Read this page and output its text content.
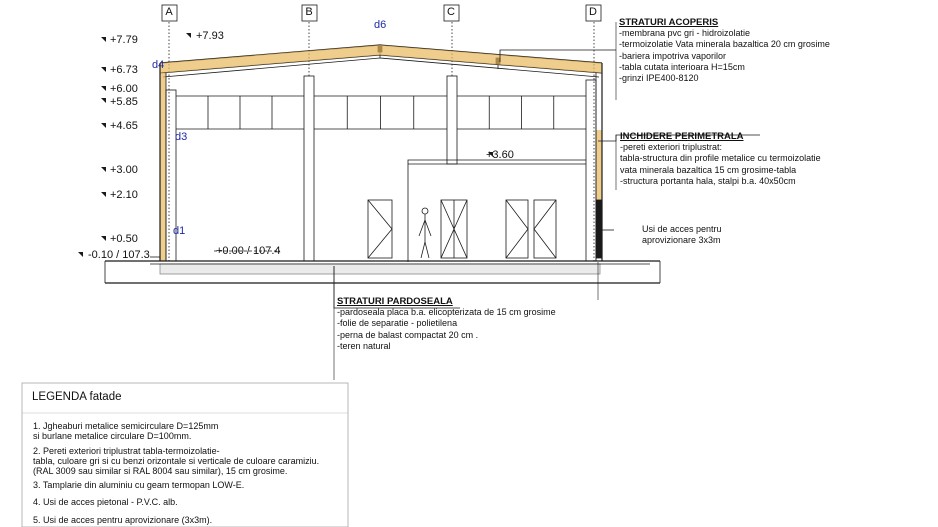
A	B	C	D
+7.79	+7.93
+6.73
+6.00
+5.85
+4.65
+3.00
+2.10
+0.50
-0.10 / 107.3	+0.00 / 107.4
+3.60
d4
d6
d3
d1
STRATURI ACOPERIS
-membrana pvc gri - hidroizolatie
-termoizolatie Vata minerala bazaltica 20 cm grosime
-bariera impotriva vaporilor
-tabla cutata interioara H=15cm
-grinzi IPE400-8120
INCHIDERE PERIMETRALA
-pereti exteriori triplustrat:
tabla-structura din profile metalice cu termoizolatie
vata minerala bazaltica 15 cm grosime-tabla
-structura portanta hala, stalpi b.a. 40x50cm
Usi de acces pentru
aprovizionare 3x3m
STRATURI PARDOSEALA
-pardoseala placa b.a. elicopterizata de 15 cm grosime
-folie de separatie - polietilena
-perna de balast compactat 20 cm .
-teren natural
LEGENDA fatade
1. Jgheaburi metalice semicirculare D=125mm
si burlane metalice circulare D=100mm.
2. Pereti exteriori triplustrat tabla-termoizolatie-
tabla, culoare gri si cu benzi orizontale si verticale de culoare caramiziu.
(RAL 3009 sau similar si RAL 8004 sau similar), 15 cm grosime.
3. Tamplarie din aluminiu cu geam termopan LOW-E.
4. Usi de acces pietonal - P.V.C. alb.
5. Usi de acces pentru aprovizionare (3x3m).
